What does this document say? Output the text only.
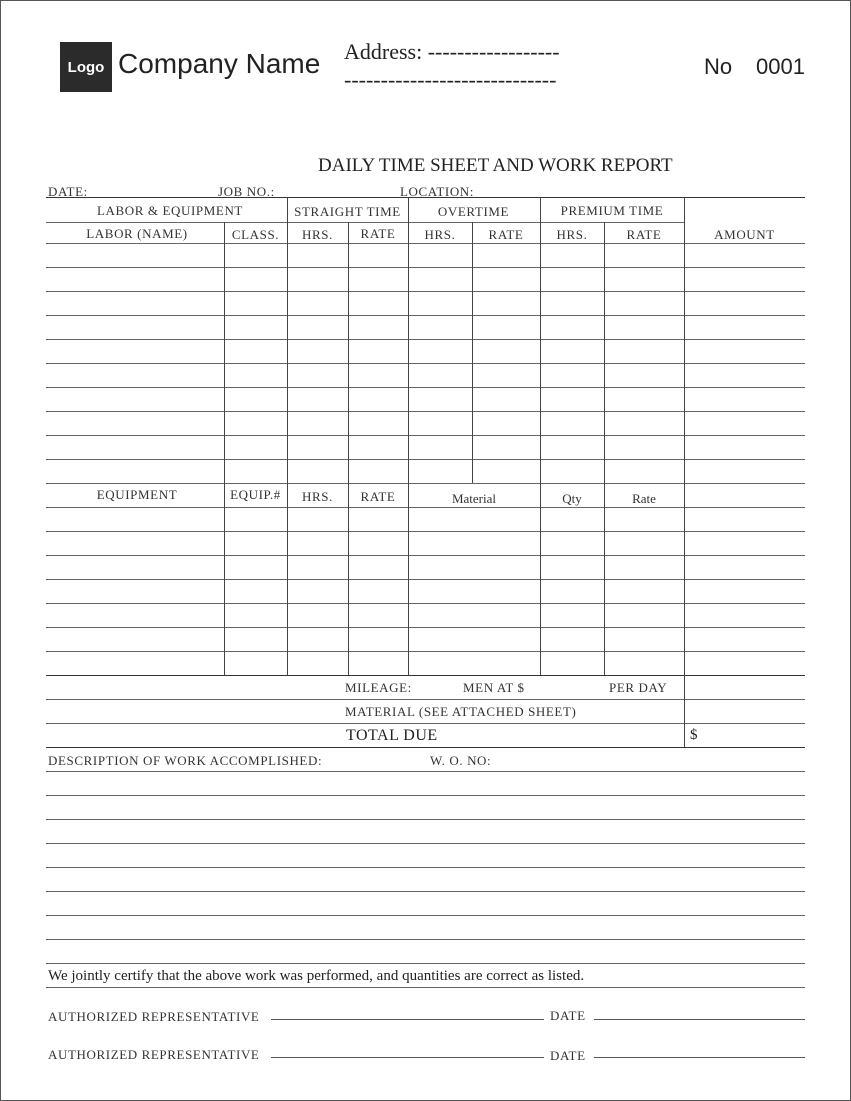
Logo Company Name Address: ------------------
-----------------------------
No 0001
DAILY TIME SHEET AND WORK REPORT
DATE:	JOB NO.:	LOCATION:
LABOR & EQUIPMENT	STRAIGHT TIME	OVERTIME	PREMIUM TIME
LABOR (NAME)	CLASS.	HRS.	RATE	HRS.	RATE	HRS.	RATE	AMOUNT
EQUIPMENT	EQUIP.#	HRS.	RATE	Material	Qty	Rate
MILEAGE:	MEN AT $	PER DAY
MATERIAL (SEE ATTACHED SHEET)
TOTAL DUE	$
DESCRIPTION OF WORK ACCOMPLISHED:	W. O. NO:
We jointly certify that the above work was performed, and quantities are correct as listed.
AUTHORIZED REPRESENTATIVE	DATE
AUTHORIZED REPRESENTATIVE	DATE
